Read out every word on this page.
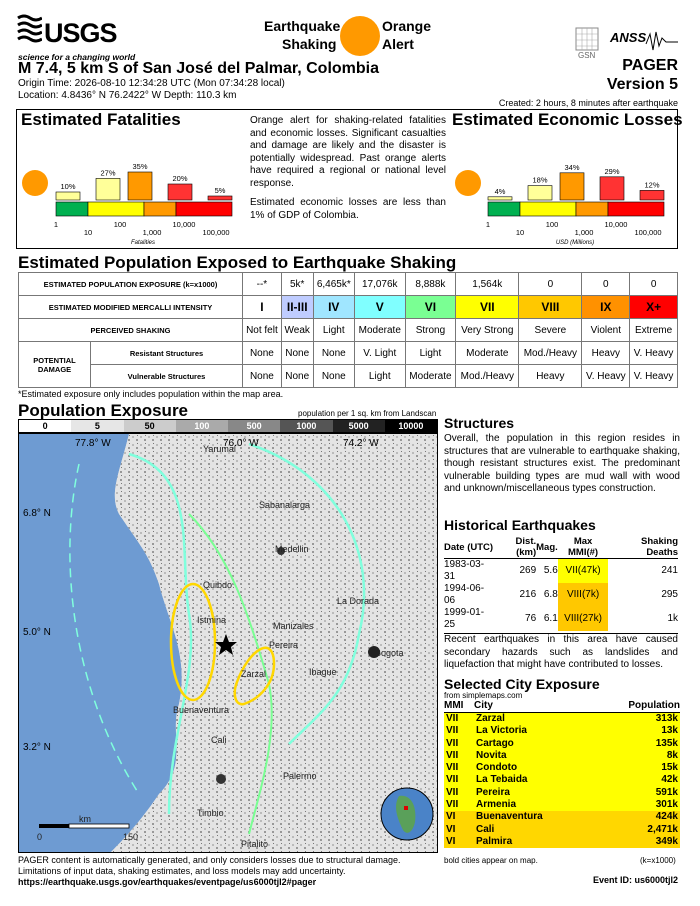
USGS
science for a changing world
Earthquake
Shaking
Orange
Alert
GSN
ANSS
PAGER
Version 5
M 7.4, 5 km S of San José del Palmar, Colombia
Origin Time: 2026-08-10 12:34:28 UTC (Mon 07:34:28 local)
Location: 4.8436° N 76.2422° W Depth: 110.3 km
Created: 2 hours, 8 minutes after earthquake
Estimated Fatalities	Estimated Economic Losses
10%
27%
35%
20%
5%
1
10
100
1,000
10,000
100,000
Fatalities
4%
18%
34%	29%
12%
1
10
100
1,000
10,000
100,000
USD (Millions)

Orange alert for shaking-related fatalities and economic losses. Significant casualties and damage are likely and the disaster is potentially widespread. Past orange alerts have required a regional or national level response.

Estimated economic losses are less than 1% of GDP of Colombia.

Estimated Population Exposed to Earthquake Shaking
ESTIMATED POPULATION EXPOSURE (k=x1000)		--*	5k*	6,465k*	17,076k	8,888k	1,564k	0	0	0
ESTIMATED MODIFIED MERCALLI INTENSITY		I	II-III	IV	V	VI	VII	VIII	IX	X+
PERCEIVED SHAKING		Not felt	Weak	Light	Moderate	Strong	Very Strong	Severe	Violent	Extreme
POTENTIAL DAMAGE	Resistant Structures	None	None	None	V. Light	Light	Moderate	Mod./Heavy	Heavy	V. Heavy
	Vulnerable Structures	None	None	None	Light	Moderate	Mod./Heavy	Heavy	V. Heavy	V. Heavy
*Estimated exposure only includes population within the map area.
Population Exposure	population per 1 sq. km from Landscan
0	5	50	100	500	1000	5000	10000
77.8° W	76.0° W	74.2° W
6.8° N
5.0° N
3.2° N
0
km
150
Yarumal
Sabanalarga
Medellin
Quibdo
La Dorada
Istmina
Manizales
Pereira
Bogota
Zarzal	Ibague
Buenaventura
Cali
Palermo
Timbio
Pitalito
Structures
Overall, the population in this region resides in structures that are vulnerable to earthquake shaking, though resistant structures exist. The predominant vulnerable building types are mud wall with wood and unknown/miscellaneous types construction.
Historical Earthquakes
Date (UTC)	Dist. (km)	Mag.	Max MMI(#)	Shaking Deaths
1983-03-31	269	5.6	VII(47k)	241
1994-06-06	216	6.8	VIII(7k)	295
1999-01-25	76	6.1	VIII(27k)	1k
Recent earthquakes in this area have caused secondary hazards such as landslides and liquefaction that might have contributed to losses.
Selected City Exposure
from simplemaps.com
MMI	City	Population
VII	Zarzal	313k
VII	La Victoria	13k
VII	Cartago	135k
VII	Novita	8k
VII	Condoto	15k
VII	La Tebaida	42k
VII	Pereira	591k
VII	Armenia	301k
VI	Buenaventura	424k
VI	Cali	2,471k
VI	Palmira	349k
bold cities appear on map.	(k=x1000)
PAGER content is automatically generated, and only considers losses due to structural damage.
Limitations of input data, shaking estimates, and loss models may add uncertainty.
https://earthquake.usgs.gov/earthquakes/eventpage/us6000tjl2#pager	Event ID: us6000tjl2
